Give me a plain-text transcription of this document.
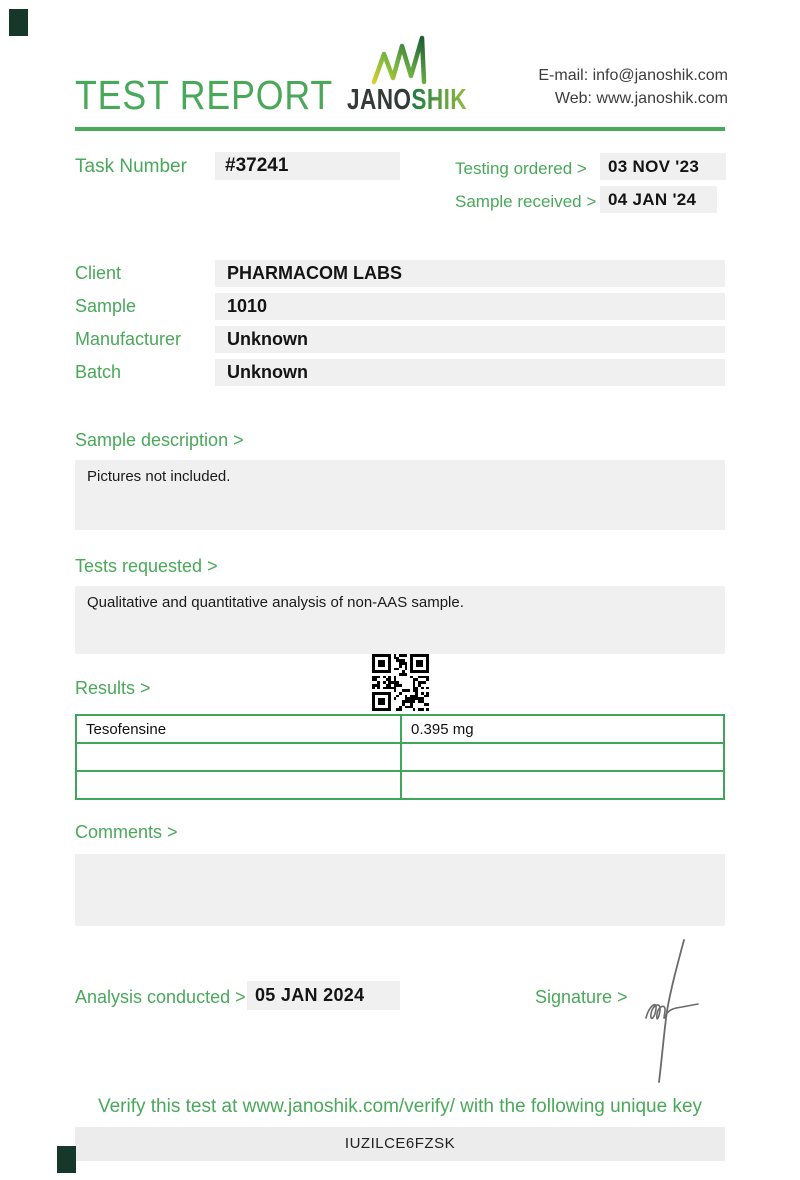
TEST REPORT JANOSHIK
E-mail: info@janoshik.com
Web: www.janoshik.com
Task Number	#37241	Testing ordered >	03 NOV '23
Sample received > 04 JAN '24
Client	PHARMACOM LABS
Sample	1010
Manufacturer	Unknown
Batch	Unknown
Sample description >
Pictures not included.
Tests requested >
Qualitative and quantitative analysis of non-AAS sample.
Results >
Tesofensine	0.395 mg

Comments >
Analysis conducted > 05 JAN 2024	Signature >
Verify this test at www.janoshik.com/verify/ with the following unique key
IUZILCE6FZSK
